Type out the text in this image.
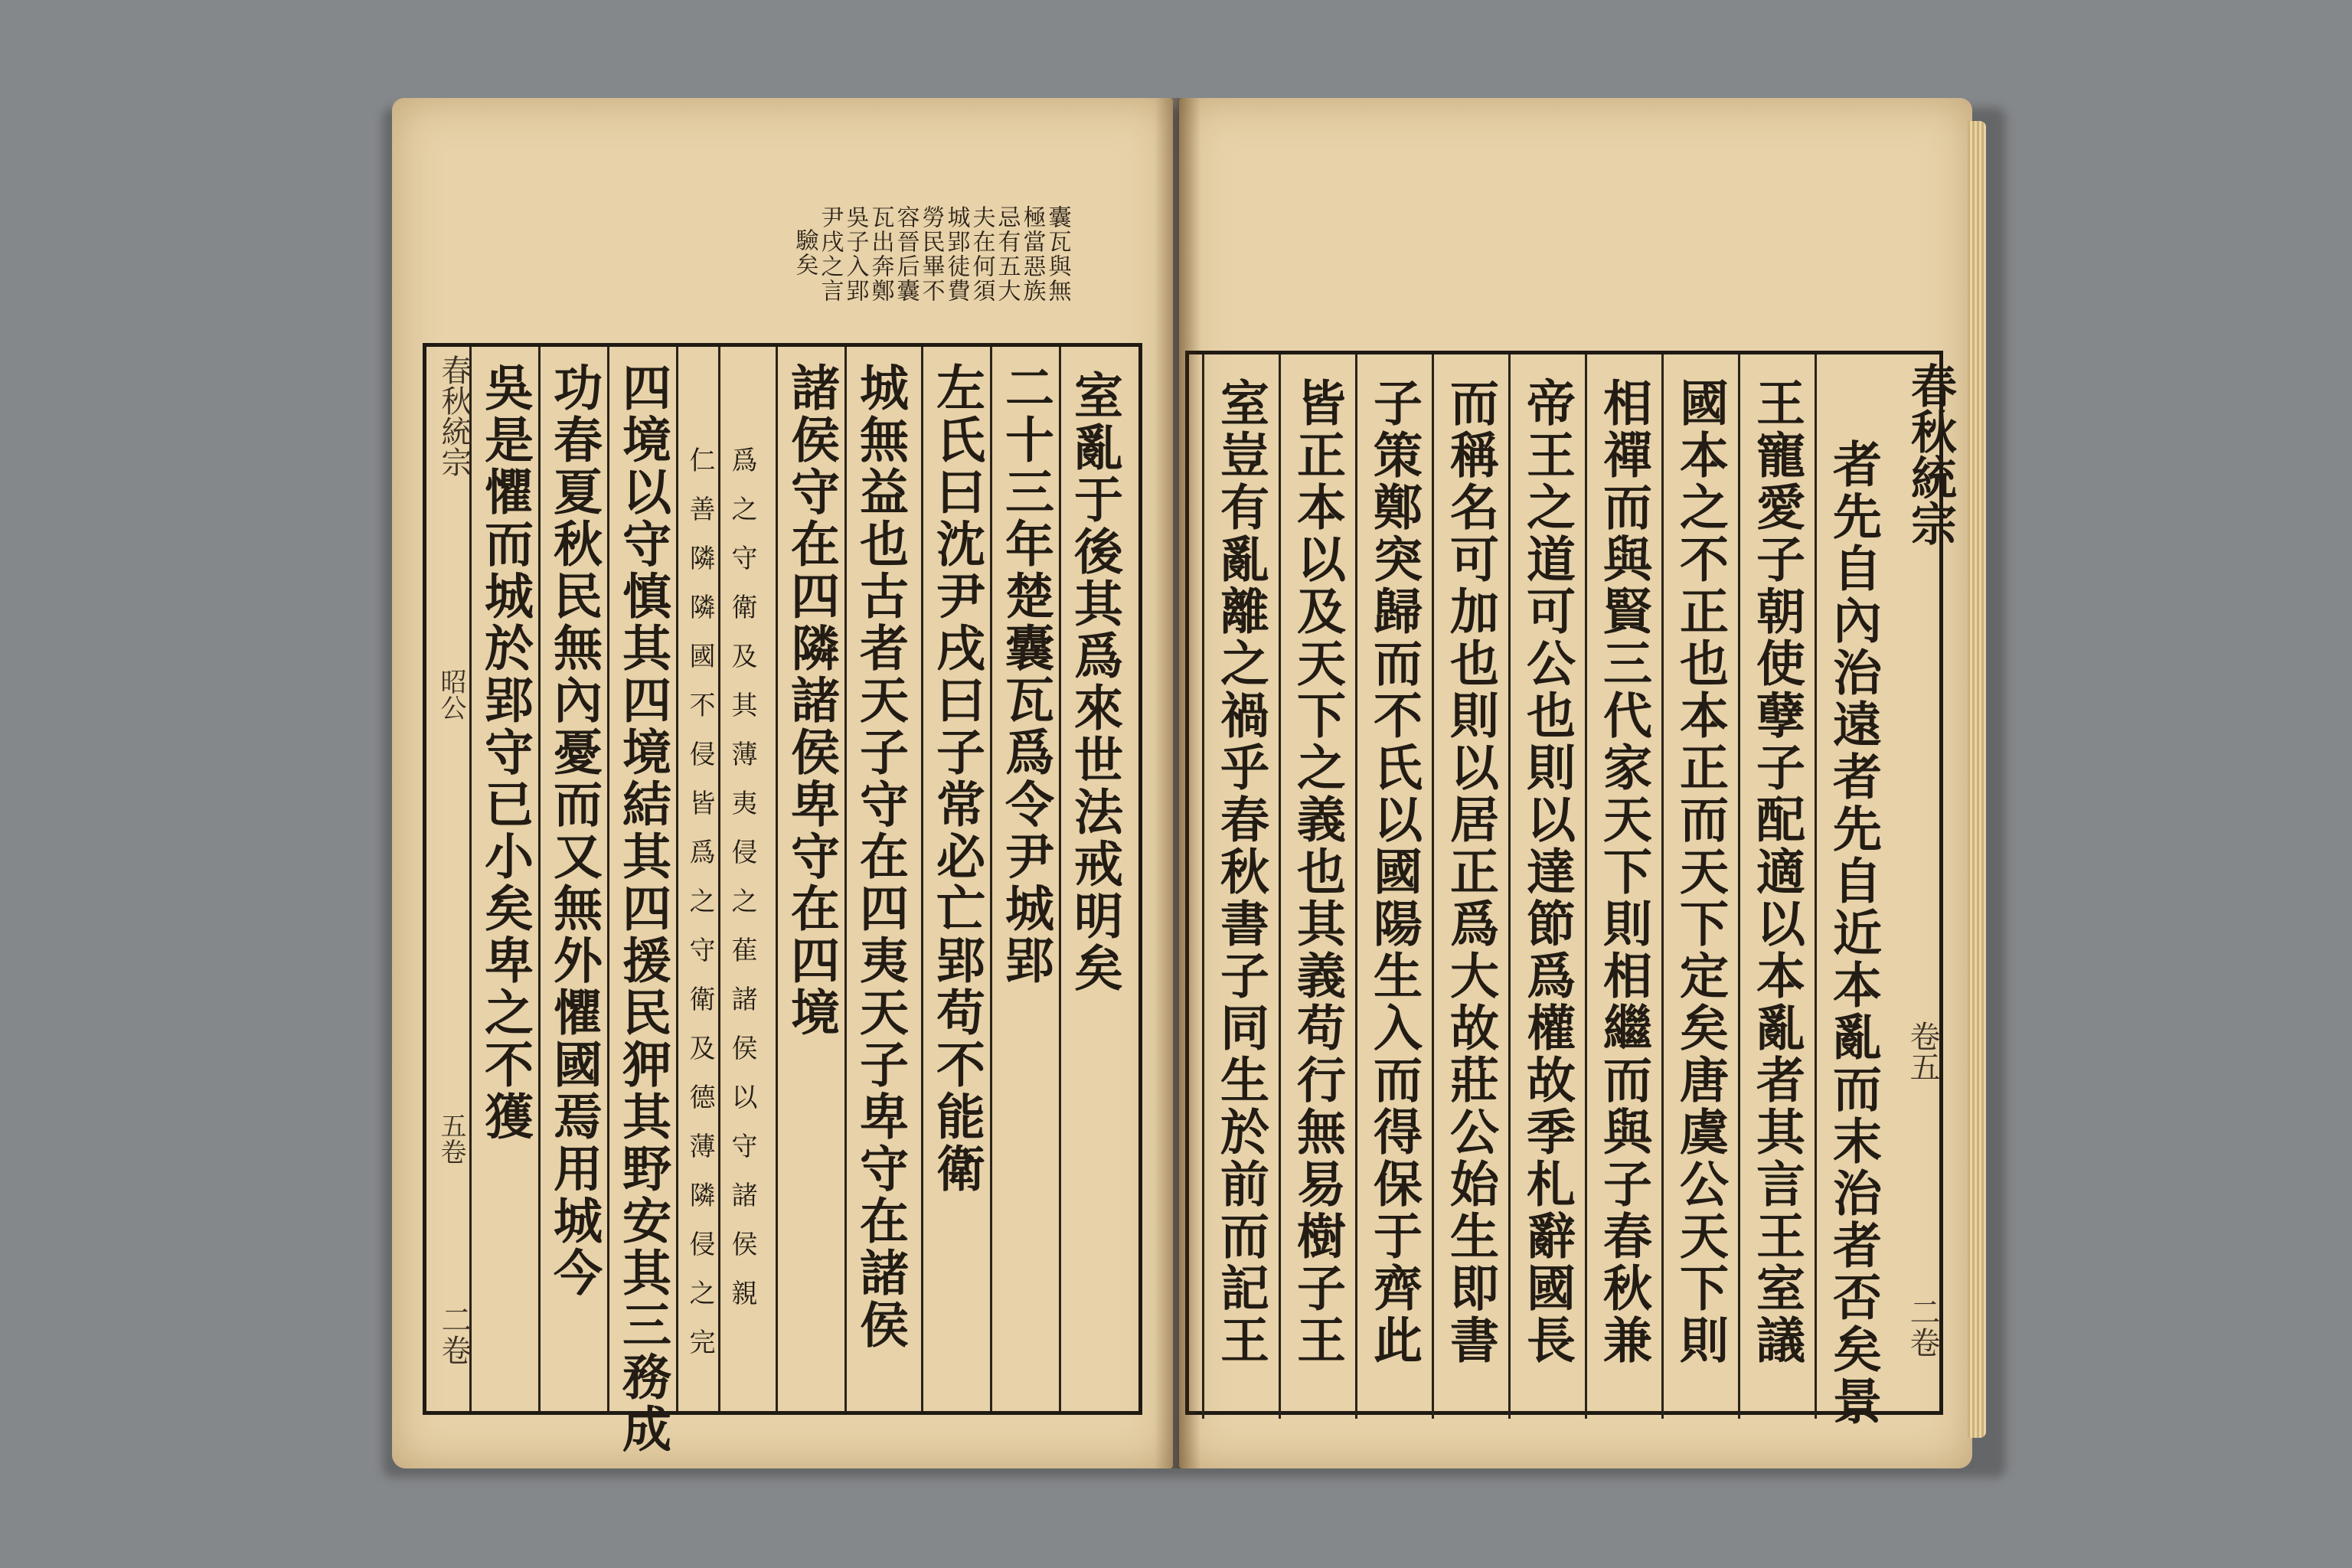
囊瓦與無
極當惡族
忌有五大
夫在何須
城郢徒費
勞民畢不
容晉后囊
瓦出奔鄭
吳子入郢
尹戌之言
驗矣
室亂于後其爲來世法戒明矣
二十三年楚囊瓦爲令尹城郢
左氏曰沈尹戌曰子常必亡郢苟不能衛
城無益也古者天子守在四夷天子卑守在諸侯
諸侯守在四隣諸侯卑守在四境
爲之守衛及其薄夷侵之萑諸侯以守諸侯親
仁善隣隣國不侵皆爲之守衛及德薄隣侵之完
四境以守慎其四境結其四援民狎其野安其三務成
功春夏秋民無內憂而又無外懼國焉用城今
吳是懼而城於郢守已小矣卑之不獲
春秋統宗
昭公
五卷
二卷	者先自內治遠者先自近本亂而末治者否矣景
王寵愛子朝使孽子配適以本亂者其言王室議
國本之不正也本正而天下定矣唐虞公天下則
相禪而與賢三代家天下則相繼而與子春秋兼
帝王之道可公也則以達節爲權故季札辭國長
而稱名可加也則以居正爲大故莊公始生即書
子策鄭突歸而不氏以國陽生入而得保于齊此
皆正本以及天下之義也其義苟行無易樹子王
室豈有亂離之禍乎春秋書子同生於前而記王	春秋統宗
卷五
二卷
